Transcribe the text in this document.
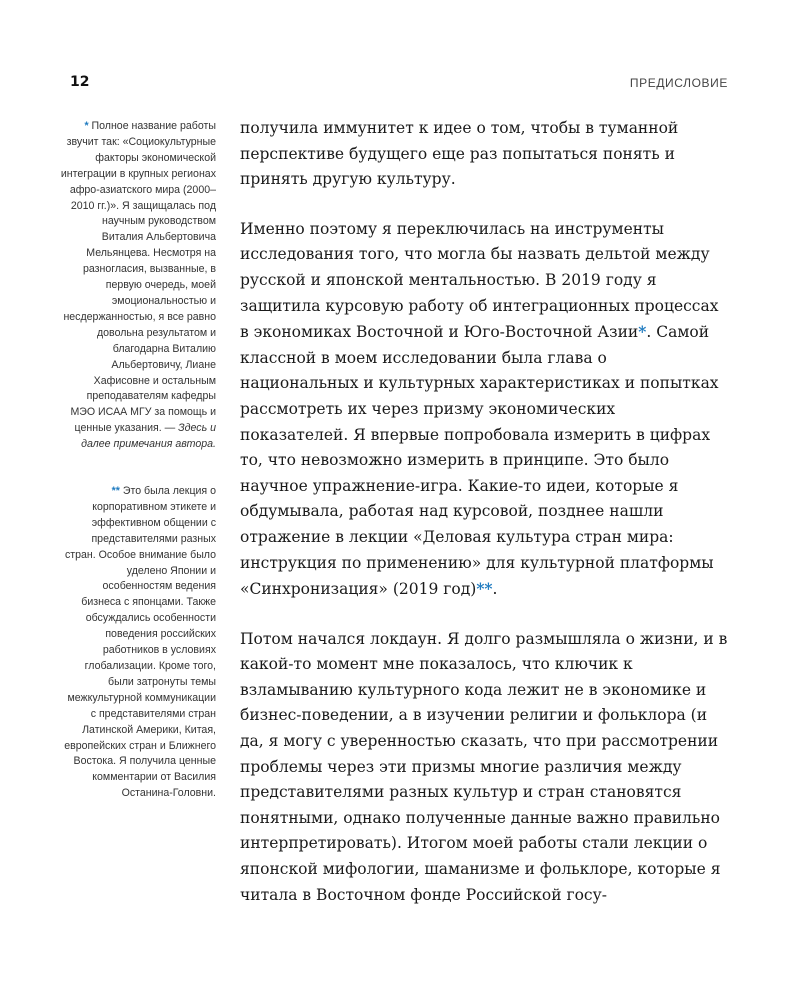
12	ПРЕДИСЛОВИЕ

* Полное название работы звучит так: «Социокультурные факторы экономической интеграции в крупных регионах афро-азиатского мира (2000–2010 гг.)». Я защищалась под научным руководством Виталия Альбертовича Мельянцева. Несмотря на разногласия, вызванные, в первую очередь, моей эмоциональностью и несдержанностью, я все равно довольна результатом и благодарна Виталию Альбертовичу, Лиане Хафисовне и остальным преподавателям кафедры МЭО ИСАА МГУ за помощь и ценные указания. — Здесь и далее примечания автора.

** Это была лекция о корпоративном этикете и эффективном общении с представителями разных стран. Особое внимание было уделено Японии и особенностям ведения бизнеса с японцами. Также обсуждались особенности поведения российских работников в условиях глобализации. Кроме того, были затронуты темы межкультурной коммуникации с представителями стран Латинской Америки, Китая, европейских стран и Ближнего Востока. Я получила ценные комментарии от Василия Останина-Головни.

получила иммунитет к идее о том, чтобы в туманной перспективе будущего еще раз попытаться понять и принять другую культуру.

Именно поэтому я переключилась на инструменты исследования того, что могла бы назвать дельтой между русской и японской ментальностью. В 2019 году я защитила курсовую работу об интеграционных процессах в экономиках Восточной и Юго-Восточной Азии*. Самой классной в моем исследовании была глава о национальных и культурных характеристиках и попытках рассмотреть их через призму экономических показателей. Я впервые попробовала измерить в цифрах то, что невозможно измерить в принципе. Это было научное упражнение-игра. Какие-то идеи, которые я обдумывала, работая над курсовой, позднее нашли отражение в лекции «Деловая культура стран мира: инструкция по применению» для культурной платформы «Синхронизация» (2019 год)**.

Потом начался локдаун. Я долго размышляла о жизни, и в какой-то момент мне показалось, что ключик к взламыванию культурного кода лежит не в экономике и бизнес-поведении, а в изучении религии и фольклора (и да, я могу с уверенностью сказать, что при рассмотрении проблемы через эти призмы многие различия между представителями разных культур и стран становятся понятными, однако полученные данные важно правильно интерпретировать). Итогом моей работы стали лекции о японской мифологии, шаманизме и фольклоре, которые я читала в Восточном фонде Российской госу-
